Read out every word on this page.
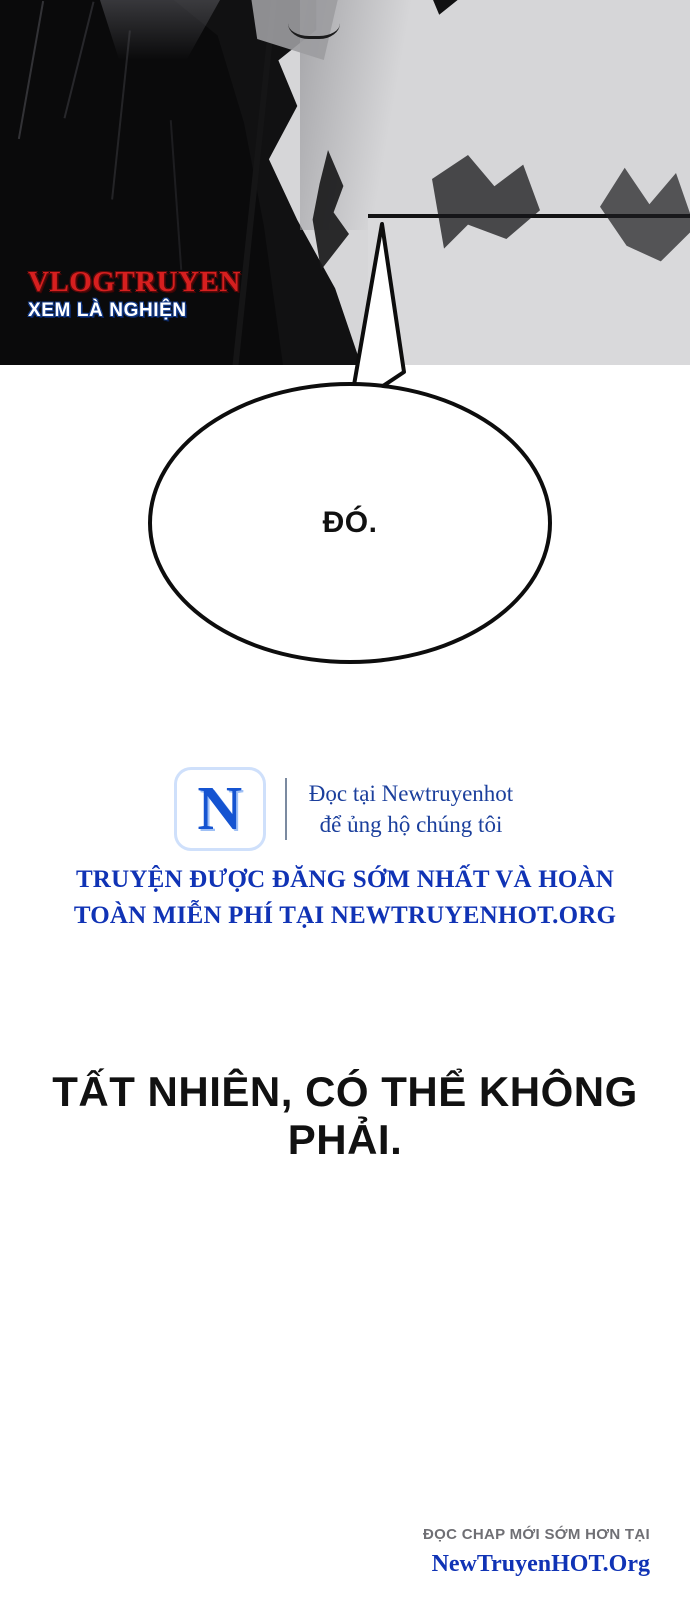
VLOGTRUYEN
XEM LÀ NGHIỆN
ĐÓ.
N	Đọc tại Newtruyenhot
để ủng hộ chúng tôi
TRUYỆN ĐƯỢC ĐĂNG SỚM NHẤT VÀ HOÀN
TOÀN MIỄN PHÍ TẠI NEWTRUYENHOT.ORG
TẤT NHIÊN, CÓ THỂ KHÔNG PHẢI.
ĐỌC CHAP MỚI SỚM HƠN TẠI
NewTruyenHOT.Org
